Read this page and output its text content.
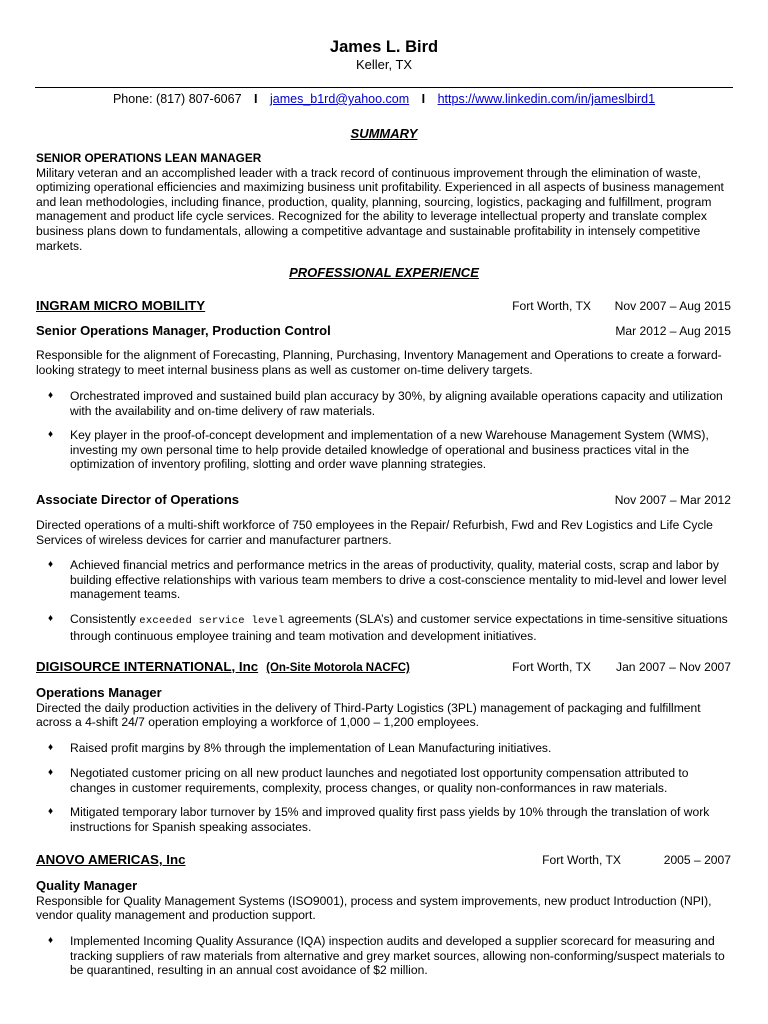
James L. Bird
Keller, TX
Phone: (817) 807-6067 I james_b1rd@yahoo.com I https://www.linkedin.com/in/jameslbird1
SUMMARY
SENIOR OPERATIONS LEAN MANAGER

Military veteran and an accomplished leader with a track record of continuous improvement through the elimination of waste, optimizing operational efficiencies and maximizing business unit profitability. Experienced in all aspects of business management and lean methodologies, including finance, production, quality, planning, sourcing, logistics, packaging and fulfillment, program management and product life cycle services. Recognized for the ability to leverage intellectual property and translate complex business plans down to fundamentals, allowing a competitive advantage and sustainable profitability in intensely competitive markets.

PROFESSIONAL EXPERIENCE
INGRAM MICRO MOBILITY	Fort Worth, TX Nov 2007 – Aug 2015
Senior Operations Manager, Production Control	Mar 2012 – Aug 2015

Responsible for the alignment of Forecasting, Planning, Purchasing, Inventory Management and Operations to create a forward-looking strategy to meet internal business plans as well as customer on-time delivery targets.

♦ Orchestrated improved and sustained build plan accuracy by 30%, by aligning available operations capacity and utilization with the availability and on-time delivery of raw materials.
♦ Key player in the proof-of-concept development and implementation of a new Warehouse Management System (WMS), investing my own personal time to help provide detailed knowledge of operational and business practices vital in the optimization of inventory profiling, slotting and order wave planning strategies.
Associate Director of Operations	Nov 2007 – Mar 2012

Directed operations of a multi-shift workforce of 750 employees in the Repair/ Refurbish, Fwd and Rev Logistics and Life Cycle Services of wireless devices for carrier and manufacturer partners.

♦ Achieved financial metrics and performance metrics in the areas of productivity, quality, material costs, scrap and labor by building effective relationships with various team members to drive a cost-conscience mentality to mid-level and lower level management teams.
♦ Consistently exceeded service level agreements (SLA’s) and customer service expectations in time-sensitive situations through continuous employee training and team motivation and development initiatives.
DIGISOURCE INTERNATIONAL, Inc (On-Site Motorola NACFC)	Fort Worth, TX Jan 2007 – Nov 2007
Operations Manager

Directed the daily production activities in the delivery of Third-Party Logistics (3PL) management of packaging and fulfillment across a 4-shift 24/7 operation employing a workforce of 1,000 – 1,200 employees.

♦ Raised profit margins by 8% through the implementation of Lean Manufacturing initiatives.
♦ Negotiated customer pricing on all new product launches and negotiated lost opportunity compensation attributed to changes in customer requirements, complexity, process changes, or quality non-conformances in raw materials.
♦ Mitigated temporary labor turnover by 15% and improved quality first pass yields by 10% through the translation of work instructions for Spanish speaking associates.
ANOVO AMERICAS, Inc	Fort Worth, TX	2005 – 2007
Quality Manager

Responsible for Quality Management Systems (ISO9001), process and system improvements, new product Introduction (NPI), vendor quality management and production support.

♦ Implemented Incoming Quality Assurance (IQA) inspection audits and developed a supplier scorecard for measuring and tracking suppliers of raw materials from alternative and grey market sources, allowing non-conforming/suspect materials to be quarantined, resulting in an annual cost avoidance of $2 million.
